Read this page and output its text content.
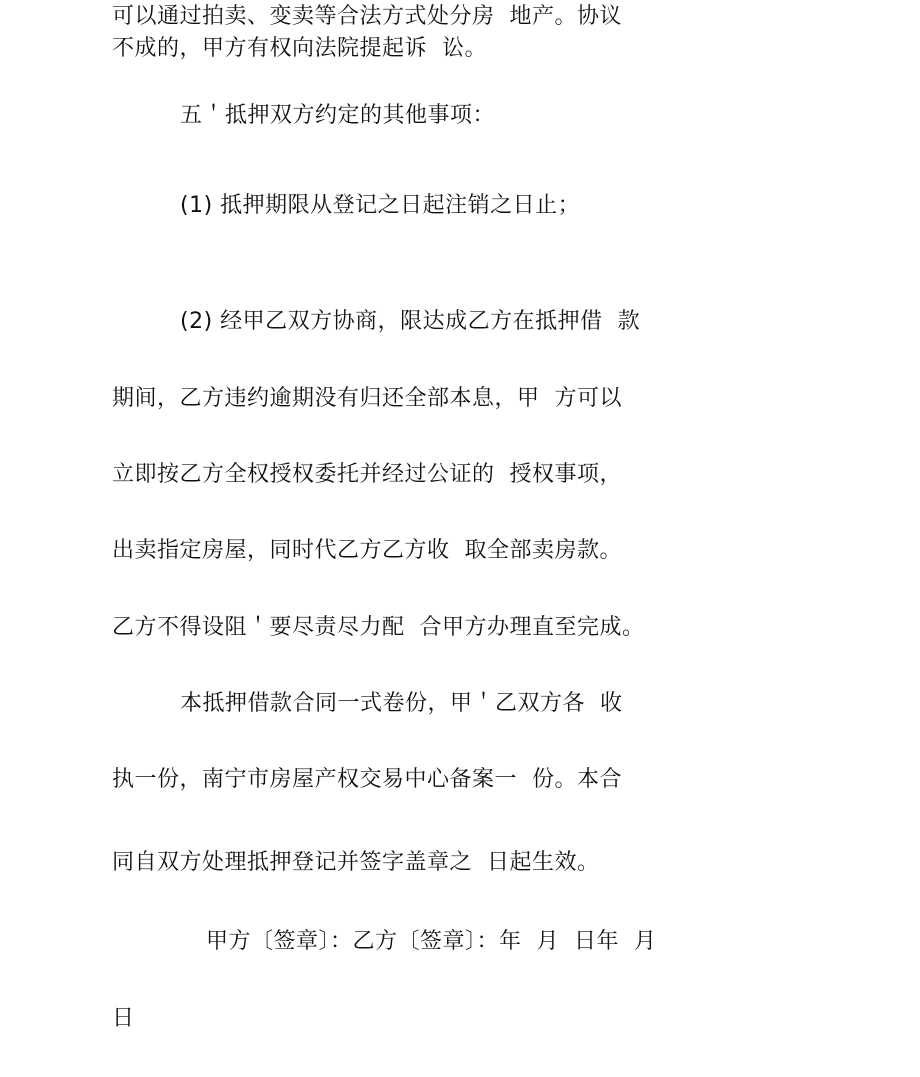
可以通过拍卖、变卖等合法方式处分房  地产。协议
不成的，甲方有权向法院提起诉  讼。
五＇抵押双方约定的其他事项：
(1) 抵押期限从登记之日起注销之日止；
(2) 经甲乙双方协商，限达成乙方在抵押借  款
期间，乙方违约逾期没有归还全部本息，甲  方可以
立即按乙方全权授权委托并经过公证的  授权事项，
出卖指定房屋，同时代乙方乙方收  取全部卖房款。
乙方不得设阻＇要尽责尽力配  合甲方办理直至完成。
本抵押借款合同一式卷份，甲＇乙双方各  收
执一份，南宁市房屋产权交易中心备案一  份。本合
同自双方处理抵押登记并签字盖章之  日起生效。
甲方〔签章〕：乙方〔签章〕：年  月  日年  月
日
